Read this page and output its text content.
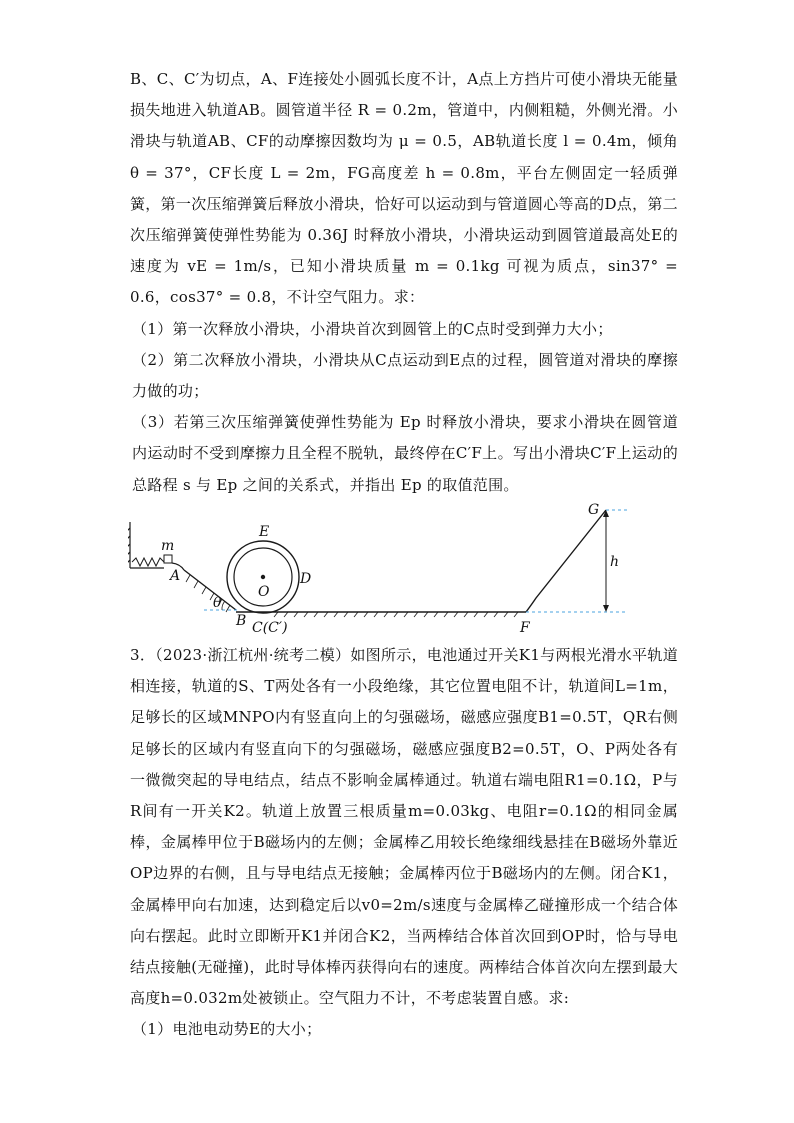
B、C、C′为切点，A、F连接处小圆弧长度不计，A点上方挡片可使小滑块无能量损失地进入轨道AB。圆管道半径 R = 0.2m，管道中，内侧粗糙，外侧光滑。小滑块与轨道AB、CF的动摩擦因数均为 μ = 0.5，AB轨道长度 l = 0.4m，倾角 θ = 37°，CF长度 L = 2m，FG高度差 h = 0.8m，平台左侧固定一轻质弹簧，第一次压缩弹簧后释放小滑块，恰好可以运动到与管道圆心等高的D点，第二次压缩弹簧使弹性势能为 0.36J 时释放小滑块，小滑块运动到圆管道最高处E的速度为 vE = 1m/s，已知小滑块质量 m = 0.1kg 可视为质点，sin37° = 0.6，cos37° = 0.8，不计空气阻力。求：

（1）第一次释放小滑块，小滑块首次到圆管上的C点时受到弹力大小；

（2）第二次释放小滑块，小滑块从C点运动到E点的过程，圆管道对滑块的摩擦力做的功；

（3）若第三次压缩弹簧使弹性势能为 Ep 时释放小滑块，要求小滑块在圆管道内运动时不受到摩擦力且全程不脱轨，最终停在C′F上。写出小滑块C′F上运动的总路程 s 与 Ep 之间的关系式，并指出 Ep 的取值范围。

m
A
θ
B
O
E
D
C(C′)	F
G
h

3．（2023·浙江杭州·统考二模）如图所示，电池通过开关K1与两根光滑水平轨道相连接，轨道的S、T两处各有一小段绝缘，其它位置电阻不计，轨道间L=1m，足够长的区域MNPO内有竖直向上的匀强磁场，磁感应强度B1=0.5T，QR右侧足够长的区域内有竖直向下的匀强磁场，磁感应强度B2=0.5T，O、P两处各有一微微突起的导电结点，结点不影响金属棒通过。轨道右端电阻R1=0.1Ω，P与R间有一开关K2。轨道上放置三根质量m=0.03kg、电阻r=0.1Ω的相同金属棒，金属棒甲位于B磁场内的左侧；金属棒乙用较长绝缘细线悬挂在B磁场外靠近OP边界的右侧，且与导电结点无接触；金属棒丙位于B磁场内的左侧。闭合K1，金属棒甲向右加速，达到稳定后以v0=2m/s速度与金属棒乙碰撞形成一个结合体向右摆起。此时立即断开K1并闭合K2，当两棒结合体首次回到OP时，恰与导电结点接触(无碰撞)，此时导体棒丙获得向右的速度。两棒结合体首次向左摆到最大高度h=0.032m处被锁止。空气阻力不计，不考虑装置自感。求:

（1）电池电动势E的大小；
